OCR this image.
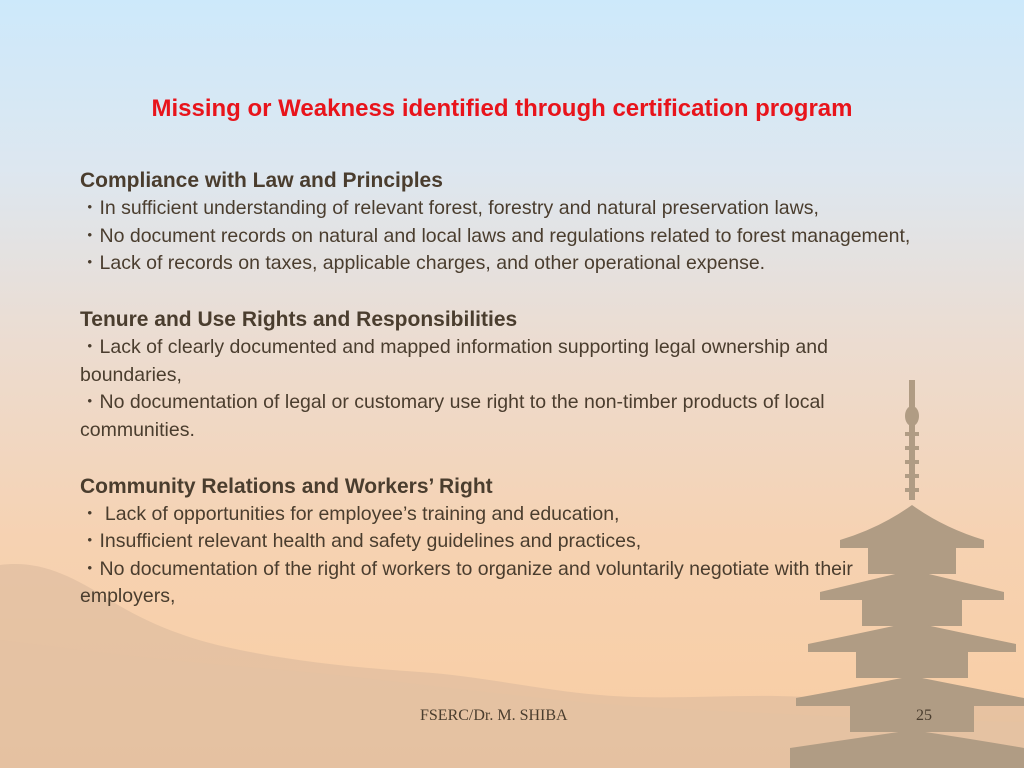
Missing or Weakness identified through certification program

Compliance with Law and Principles

・In sufficient understanding of relevant forest, forestry and natural preservation laws,

・No document records on natural and local laws and regulations related to forest management,

・Lack of records on taxes, applicable charges, and other operational expense.

Tenure and Use Rights and Responsibilities

・Lack of clearly documented and mapped information supporting legal ownership and boundaries,

・No documentation of legal or customary use right to the non-timber products of local communities.

Community Relations and Workers’ Right

・ Lack of opportunities for employee’s training and education,

・Insufficient relevant health and safety guidelines and practices,

・No documentation of the right of workers to organize and voluntarily negotiate with their employers,

FSERC/Dr. M. SHIBA	25
